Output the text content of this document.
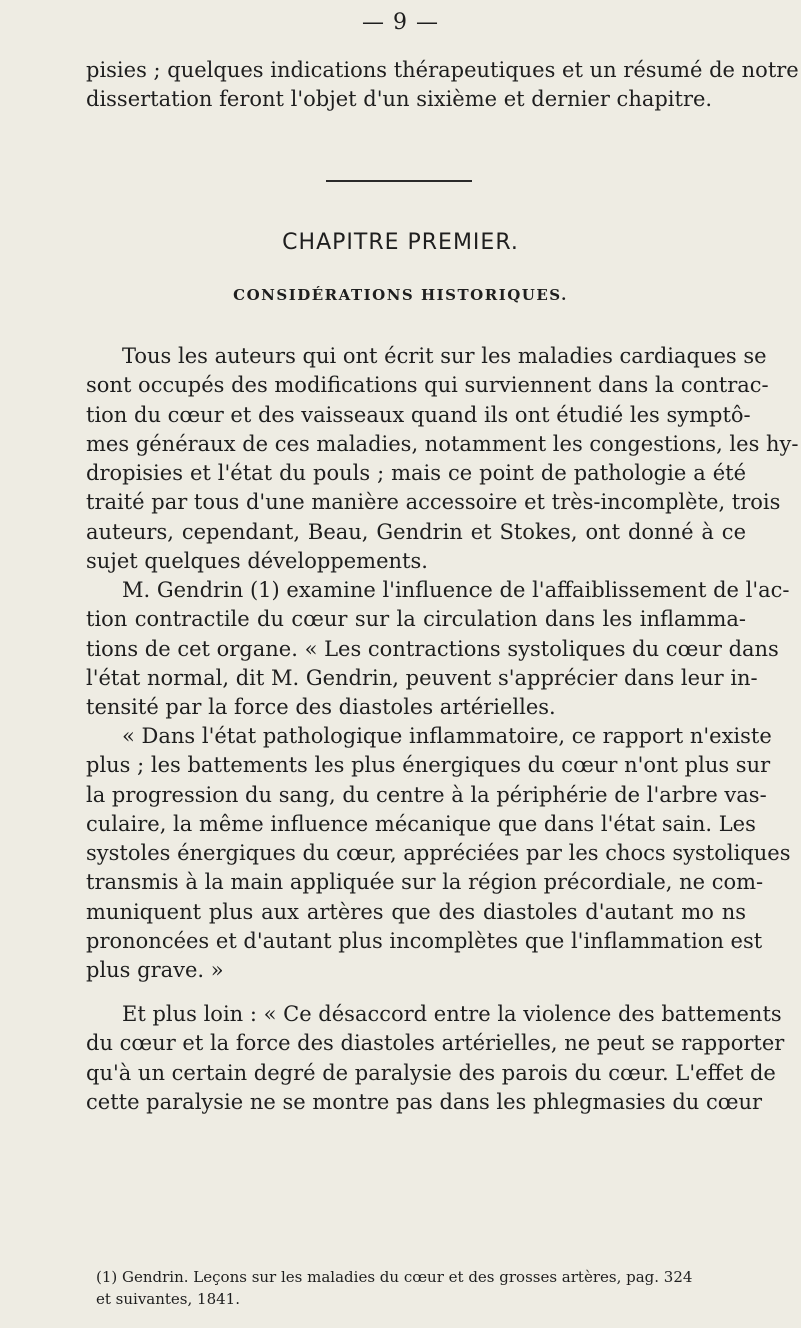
— 9 —
pisies ; quelques indications thérapeutiques et un résumé de notre
dissertation feront l'objet d'un sixième et dernier chapitre.
CHAPITRE PREMIER.
CONSIDÉRATIONS HISTORIQUES.
Tous les auteurs qui ont écrit sur les maladies cardiaques se
sont occupés des modifications qui surviennent dans la contrac-
tion du cœur et des vaisseaux quand ils ont étudié les symptô-
mes généraux de ces maladies, notamment les congestions, les hy-
dropisies et l'état du pouls ; mais ce point de pathologie a été
traité par tous d'une manière accessoire et très-incomplète, trois
auteurs, cependant, Beau, Gendrin et Stokes, ont donné à ce
sujet quelques développements.
M. Gendrin (1) examine l'influence de l'affaiblissement de l'ac-
tion contractile du cœur sur la circulation dans les inflamma-
tions de cet organe. « Les contractions systoliques du cœur dans
l'état normal, dit M. Gendrin, peuvent s'apprécier dans leur in-
tensité par la force des diastoles artérielles.
« Dans l'état pathologique inflammatoire, ce rapport n'existe
plus ; les battements les plus énergiques du cœur n'ont plus sur
la progression du sang, du centre à la périphérie de l'arbre vas-
culaire, la même influence mécanique que dans l'état sain. Les
systoles énergiques du cœur, appréciées par les chocs systoliques
transmis à la main appliquée sur la région précordiale, ne com-
muniquent plus aux artères que des diastoles d'autant mo ns
prononcées et d'autant plus incomplètes que l'inflammation est
plus grave. »
Et plus loin : « Ce désaccord entre la violence des battements
du cœur et la force des diastoles artérielles, ne peut se rapporter
qu'à un certain degré de paralysie des parois du cœur. L'effet de
cette paralysie ne se montre pas dans les phlegmasies du cœur
(1) Gendrin. Leçons sur les maladies du cœur et des grosses artères, pag. 324
et suivantes, 1841.
